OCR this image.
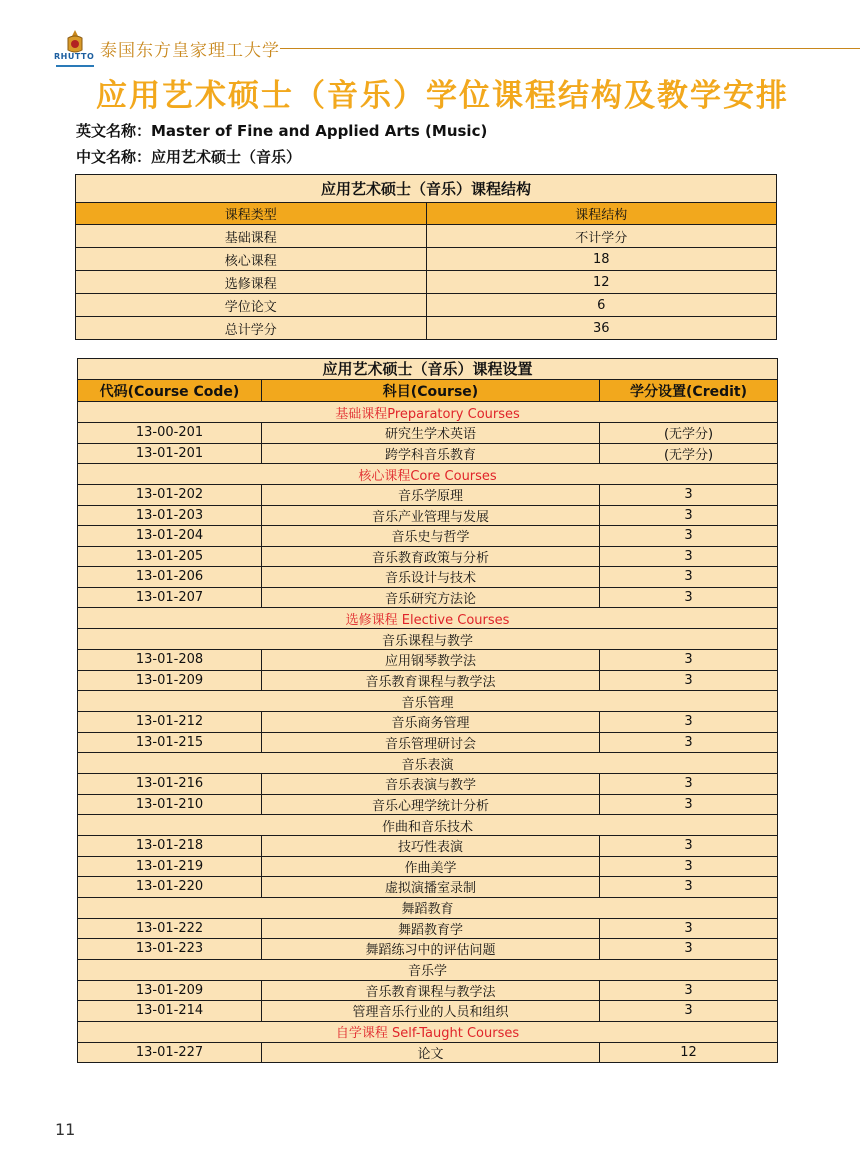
RHUTTO 泰国东方皇家理工大学
应用艺术硕士（音乐）学位课程结构及教学安排
英文名称：Master of Fine and Applied Arts (Music)
中文名称：应用艺术硕士（音乐）
应用艺术硕士（音乐）课程结构	
课程类型	课程结构
基础课程	不计学分
核心课程	18
选修课程	12
学位论文	6
总计学分	36
应用艺术硕士（音乐）课程设置		
代码(Course Code)	科目(Course)	学分设置(Credit)
基础课程Preparatory Courses		
13-00-201	研究生学术英语	(无学分)
13-01-201	跨学科音乐教育	(无学分)
核心课程Core Courses		
13-01-202	音乐学原理	3
13-01-203	音乐产业管理与发展	3
13-01-204	音乐史与哲学	3
13-01-205	音乐教育政策与分析	3
13-01-206	音乐设计与技术	3
13-01-207	音乐研究方法论	3
选修课程 Elective Courses		
音乐课程与教学		
13-01-208	应用钢琴教学法	3
13-01-209	音乐教育课程与教学法	3
音乐管理		
13-01-212	音乐商务管理	3
13-01-215	音乐管理研讨会	3
音乐表演		
13-01-216	音乐表演与教学	3
13-01-210	音乐心理学统计分析	3
作曲和音乐技术		
13-01-218	技巧性表演	3
13-01-219	作曲美学	3
13-01-220	虚拟演播室录制	3
舞蹈教育		
13-01-222	舞蹈教育学	3
13-01-223	舞蹈练习中的评估问题	3
音乐学		
13-01-209	音乐教育课程与教学法	3
13-01-214	管理音乐行业的人员和组织	3
自学课程 Self-Taught Courses		
13-01-227	论文	12
11
